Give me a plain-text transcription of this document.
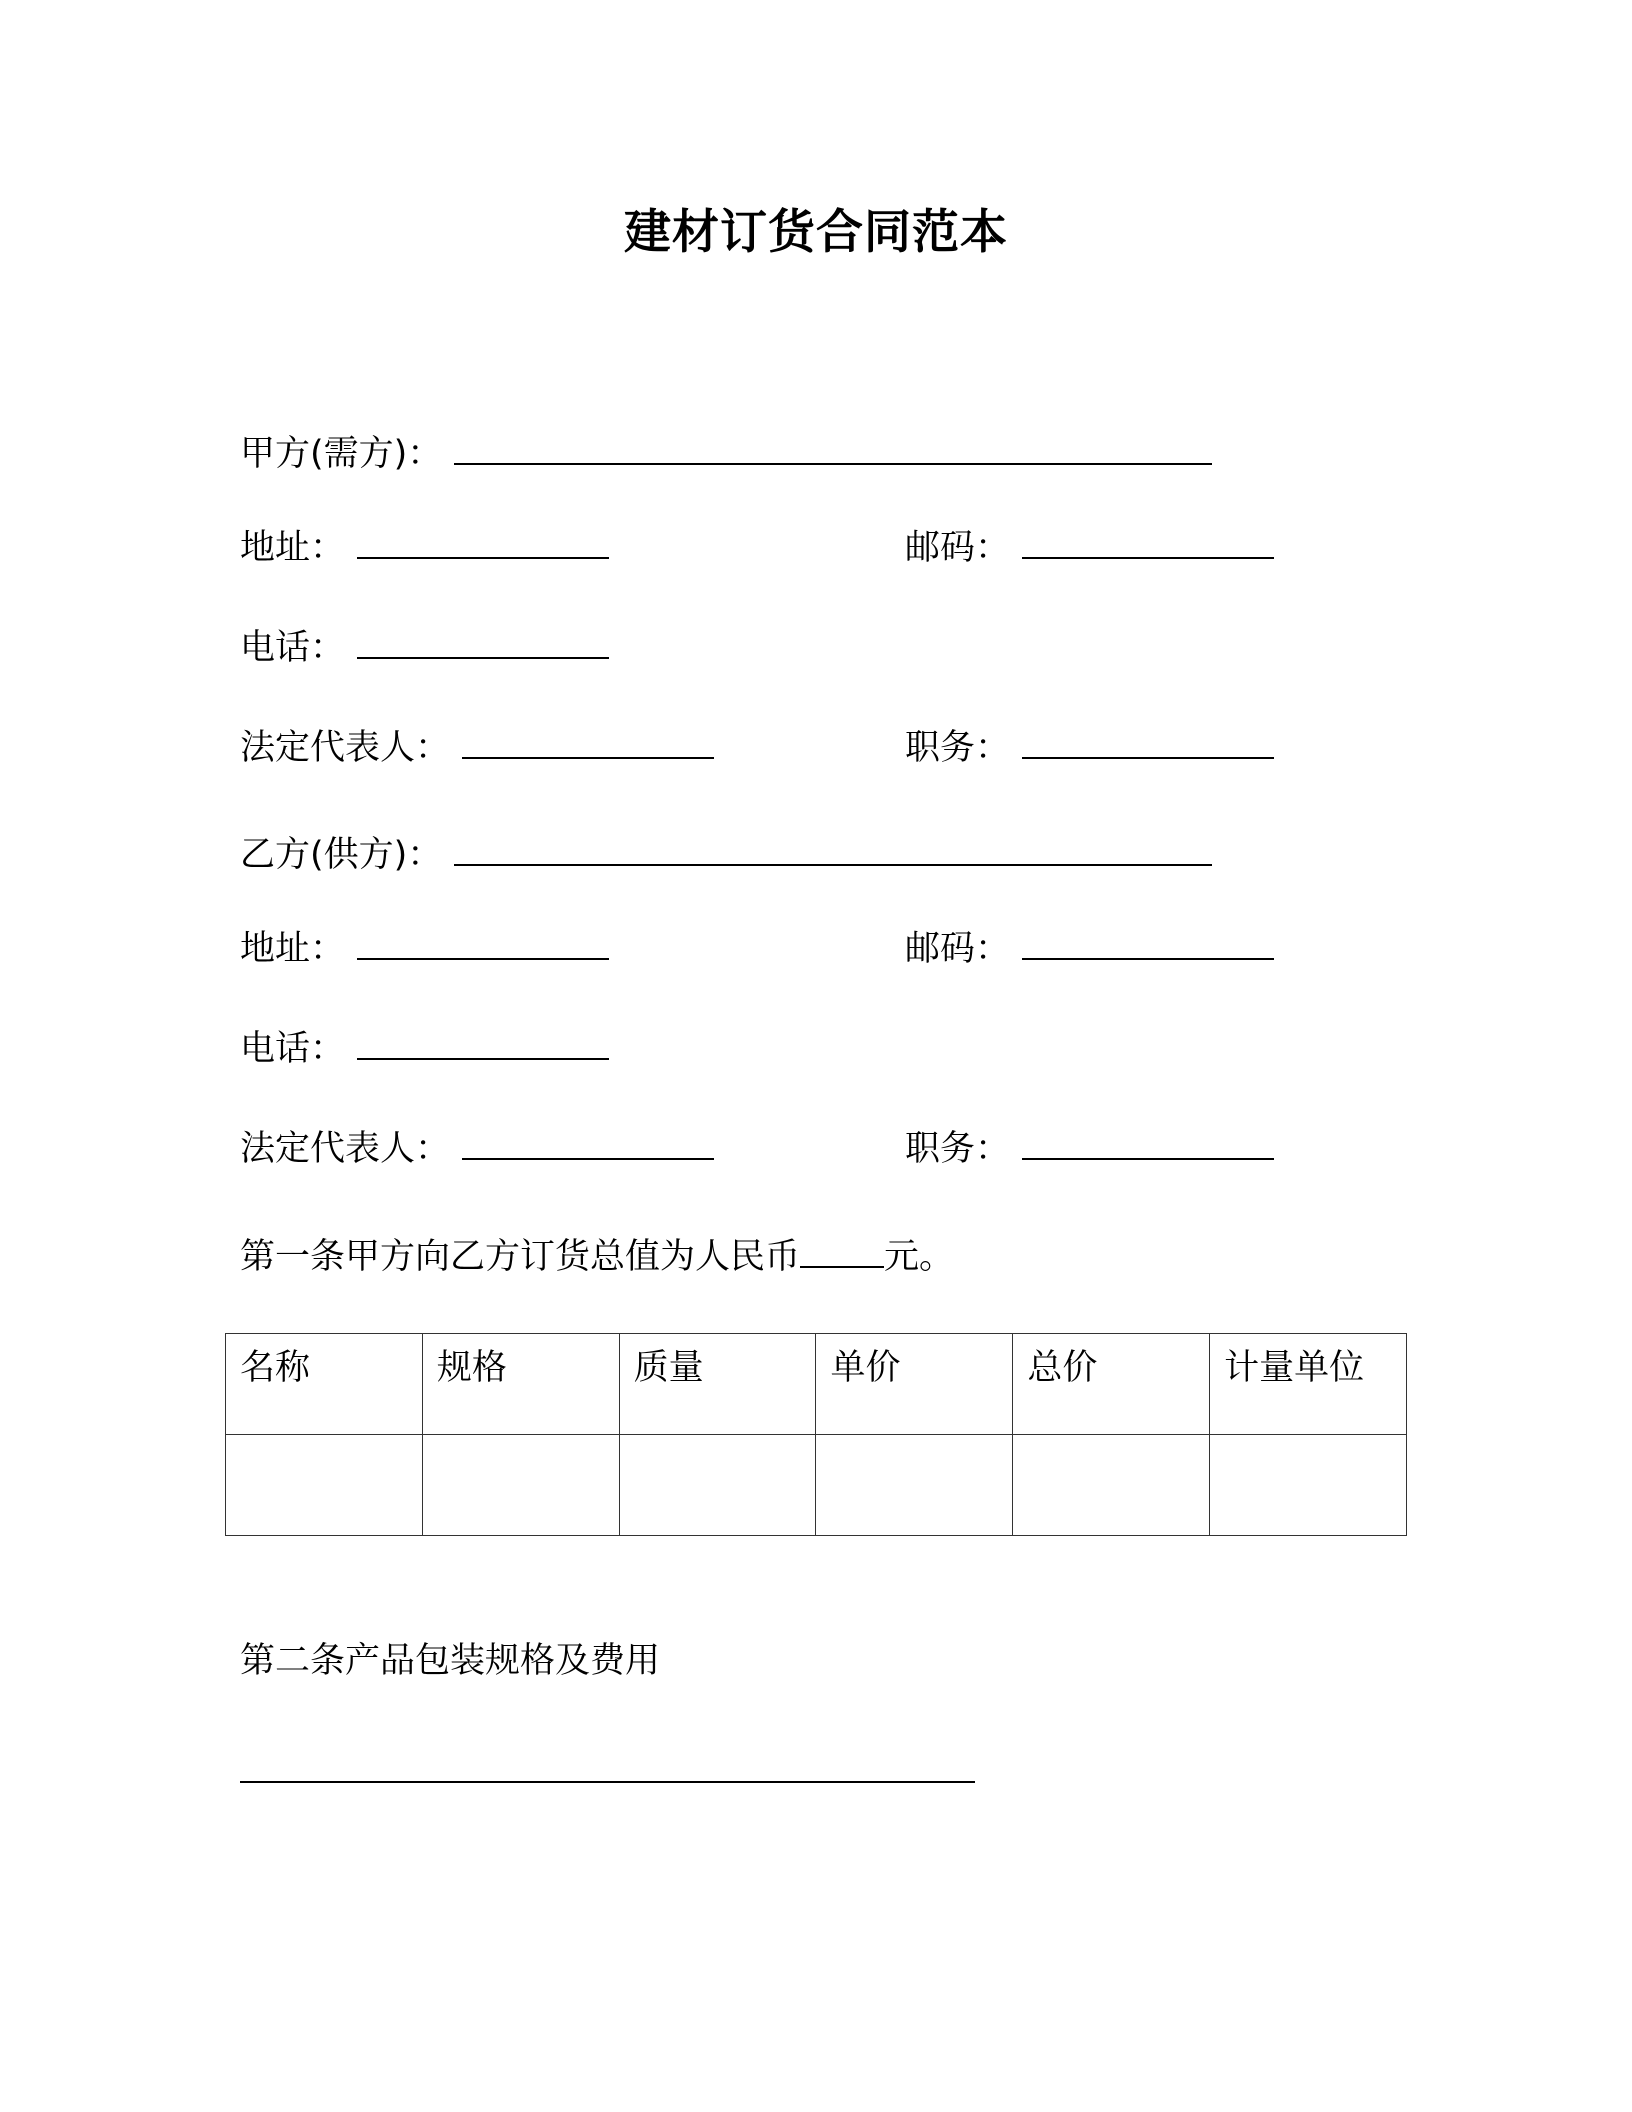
建材订货合同范本
甲方(需方)：
地址：	邮码：
电话：
法定代表人：	职务：
乙方(供方)：
地址：	邮码：
电话：
法定代表人：	职务：
第一条甲方向乙方订货总值为人民币 元。
名称	规格	质量	单价	总价	计量单位

第二条产品包装规格及费用
